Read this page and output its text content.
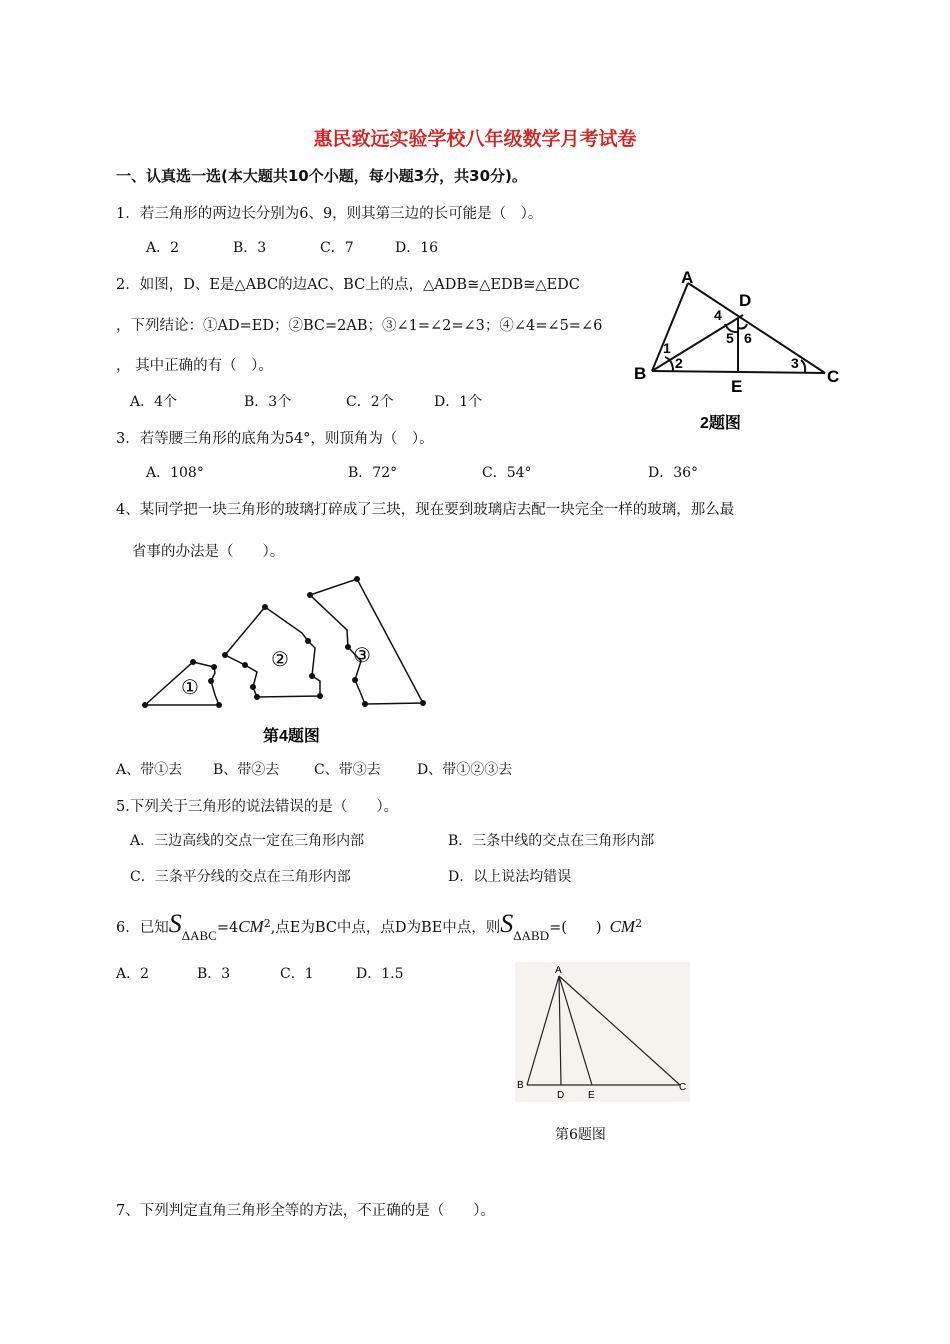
惠民致远实验学校八年级数学月考试卷
一、认真选一选(本大题共10个小题，每小题3分，共30分)。
1．若三角形的两边长分别为6、9，则其第三边的长可能是（　）。
A．2	B．3	C．7	D．16
2．如图，D、E是△ABC的边AC、BC上的点，△ADB≅△EDB≅△EDC
，下列结论：①AD=ED；②BC=2AB；③∠1=∠2=∠3；④∠4=∠5=∠6
， 其中正确的有（　）。
A．4个	B．3个	C．2个	D．1个
A
D
B
E
C
1
2	3
4
5 6
2题图
3．若等腰三角形的底角为54°，则顶角为（　）。
A．108°	B．72°	C．54°	D．36°
4、某同学把一块三角形的玻璃打碎成了三块，现在要到玻璃店去配一块完全一样的玻璃，那么最
省事的办法是（　　）。
①
②	③
第4题图
A、带①去 B、带②去 C、带③去	D、带①②③去
5.下列关于三角形的说法错误的是（　　）。
A．三边高线的交点一定在三角形内部	B．三条中线的交点在三角形内部
C．三条平分线的交点在三角形内部	D．以上说法均错误
6．已知$S\Delta ABC=4CM^2$,点E为BC中点，点D为BE中点，则SΔABD=(　　) $CM^2$
A．2	B．3	C．1	D．1.5	A
B
D E
C
第6题图
7、下列判定直角三角形全等的方法，不正确的是（　　）。
